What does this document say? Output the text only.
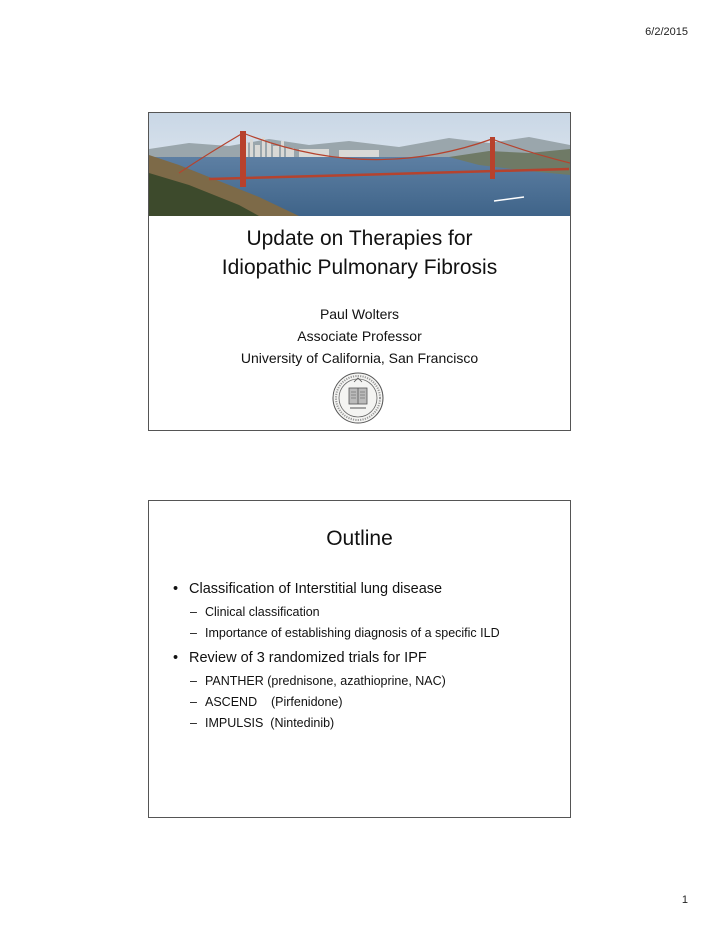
6/2/2015
Update on Therapies for
Idiopathic Pulmonary Fibrosis
Paul Wolters
Associate Professor
University of California, San Francisco
Outline
• Classification of Interstitial lung disease
– Clinical classification
– Importance of establishing diagnosis of a specific ILD
• Review of 3 randomized trials for IPF
– PANTHER (prednisone, azathioprine, NAC)
– ASCEND    (Pirfenidone)
– IMPULSIS  (Nintedinib)
1
